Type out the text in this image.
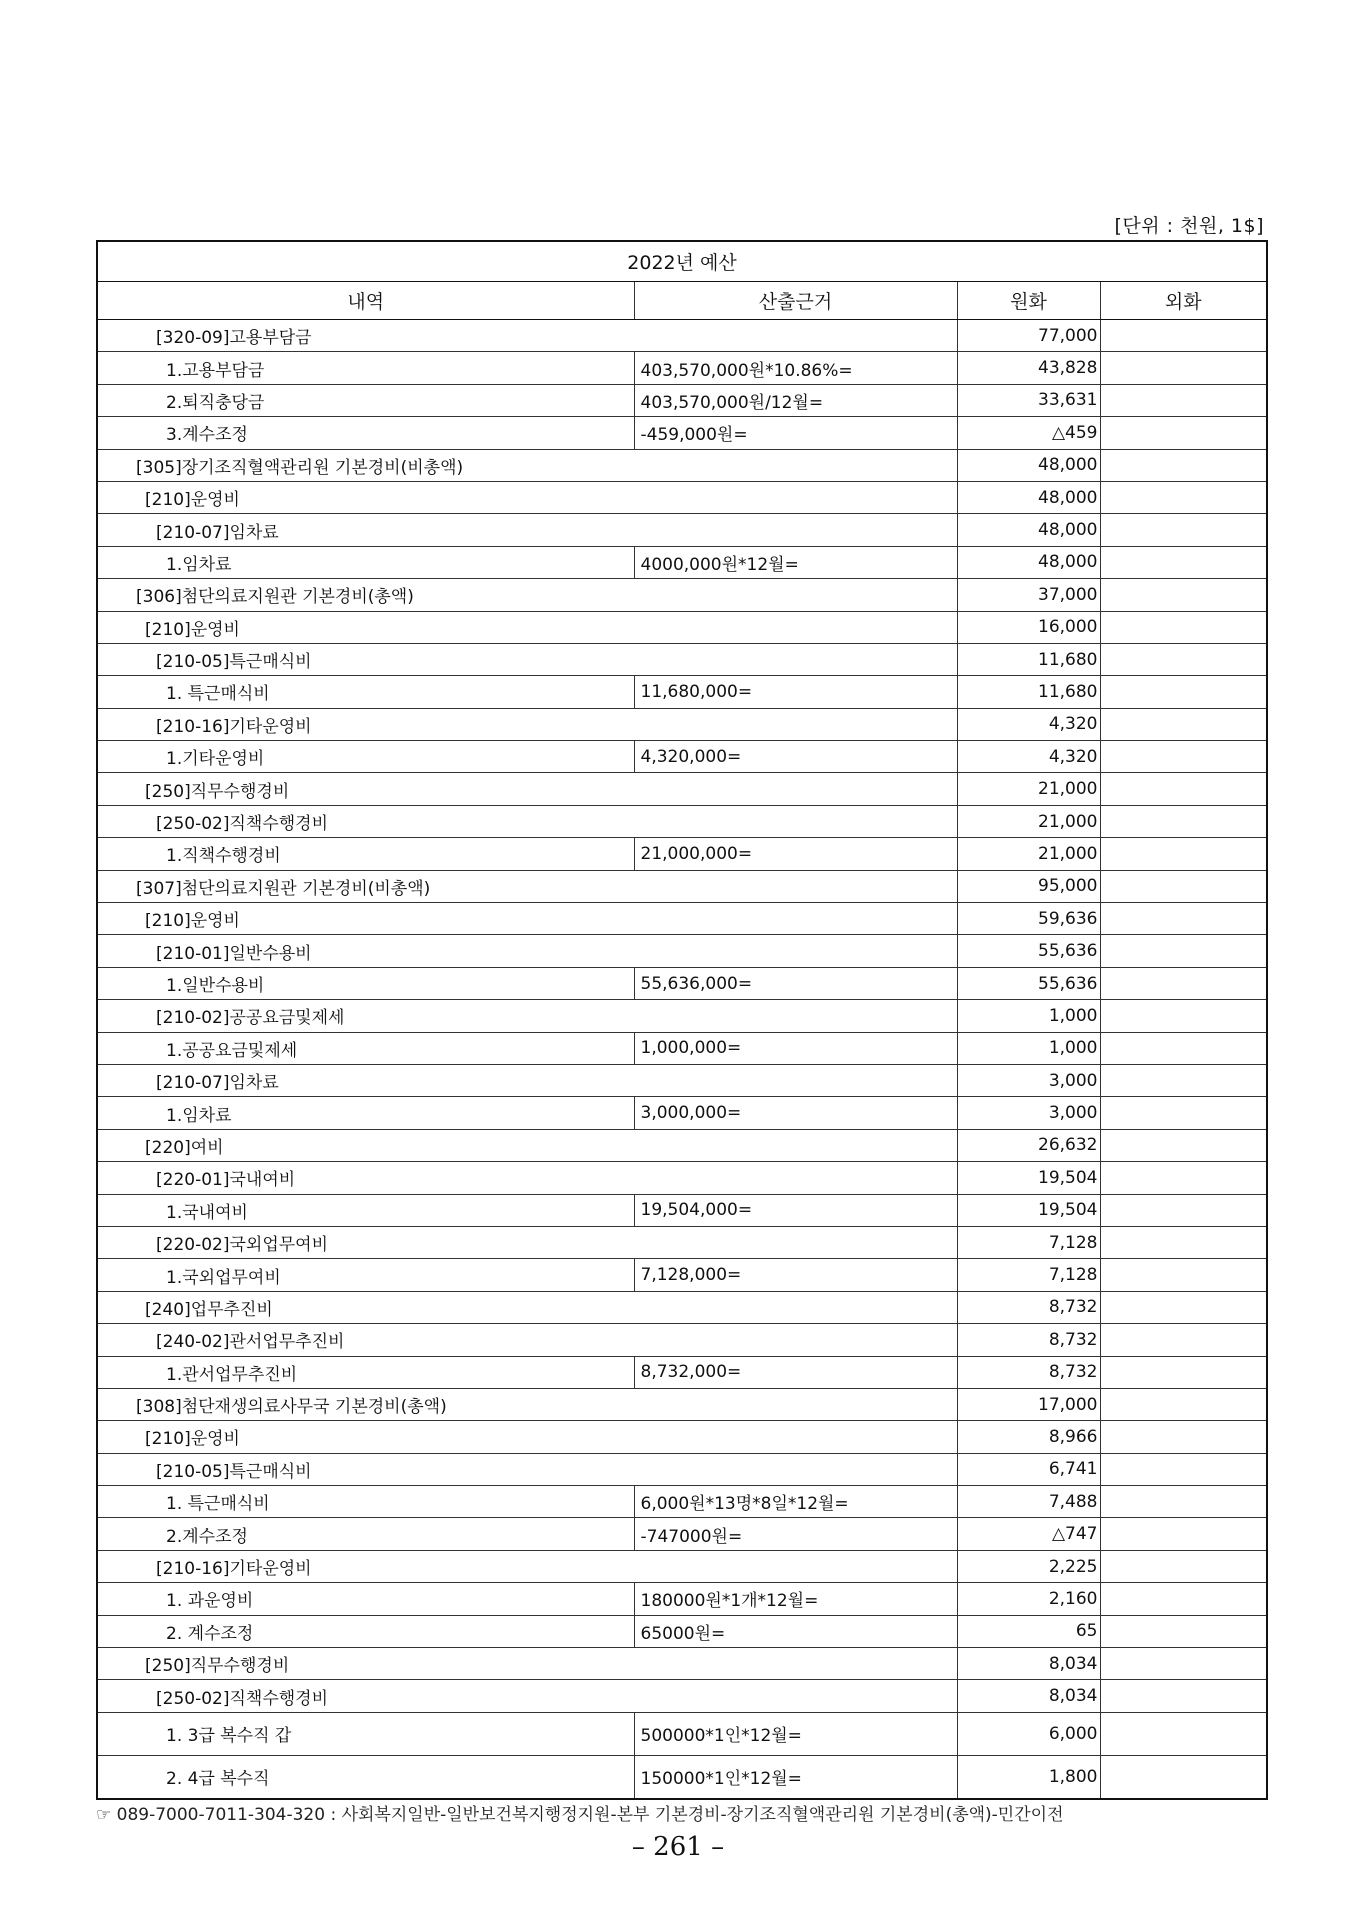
[단위 : 천원, 1$]
2022년 예산			
내역	산출근거	원화	외화
[320-09]고용부담금		77,000	
1.고용부담금	403,570,000원*10.86%=	43,828	
2.퇴직충당금	403,570,000원/12월=	33,631	
3.계수조정	-459,000원=	△459	
[305]장기조직혈액관리원 기본경비(비총액)		48,000	
[210]운영비		48,000	
[210-07]임차료		48,000	
1.임차료	4000,000원*12월=	48,000	
[306]첨단의료지원관 기본경비(총액)		37,000	
[210]운영비		16,000	
[210-05]특근매식비		11,680	
1. 특근매식비	11,680,000=	11,680	
[210-16]기타운영비		4,320	
1.기타운영비	4,320,000=	4,320	
[250]직무수행경비		21,000	
[250-02]직책수행경비		21,000	
1.직책수행경비	21,000,000=	21,000	
[307]첨단의료지원관 기본경비(비총액)		95,000	
[210]운영비		59,636	
[210-01]일반수용비		55,636	
1.일반수용비	55,636,000=	55,636	
[210-02]공공요금및제세		1,000	
1.공공요금및제세	1,000,000=	1,000	
[210-07]임차료		3,000	
1.임차료	3,000,000=	3,000	
[220]여비		26,632	
[220-01]국내여비		19,504	
1.국내여비	19,504,000=	19,504	
[220-02]국외업무여비		7,128	
1.국외업무여비	7,128,000=	7,128	
[240]업무추진비		8,732	
[240-02]관서업무추진비		8,732	
1.관서업무추진비	8,732,000=	8,732	
[308]첨단재생의료사무국 기본경비(총액)		17,000	
[210]운영비		8,966	
[210-05]특근매식비		6,741	
1. 특근매식비	6,000원*13명*8일*12월=	7,488	
2.계수조정	-747000원=	△747	
[210-16]기타운영비		2,225	
1. 과운영비	180000원*1개*12월=	2,160	
2. 계수조정	65000원=	65	
[250]직무수행경비		8,034	
[250-02]직책수행경비		8,034	
1. 3급 복수직 갑	500000*1인*12월=	6,000	
2. 4급 복수직	150000*1인*12월=	1,800	
☞ 089-7000-7011-304-320 : 사회복지일반-일반보건복지행정지원-본부 기본경비-장기조직혈액관리원 기본경비(총액)-민간이전
– 261 –
